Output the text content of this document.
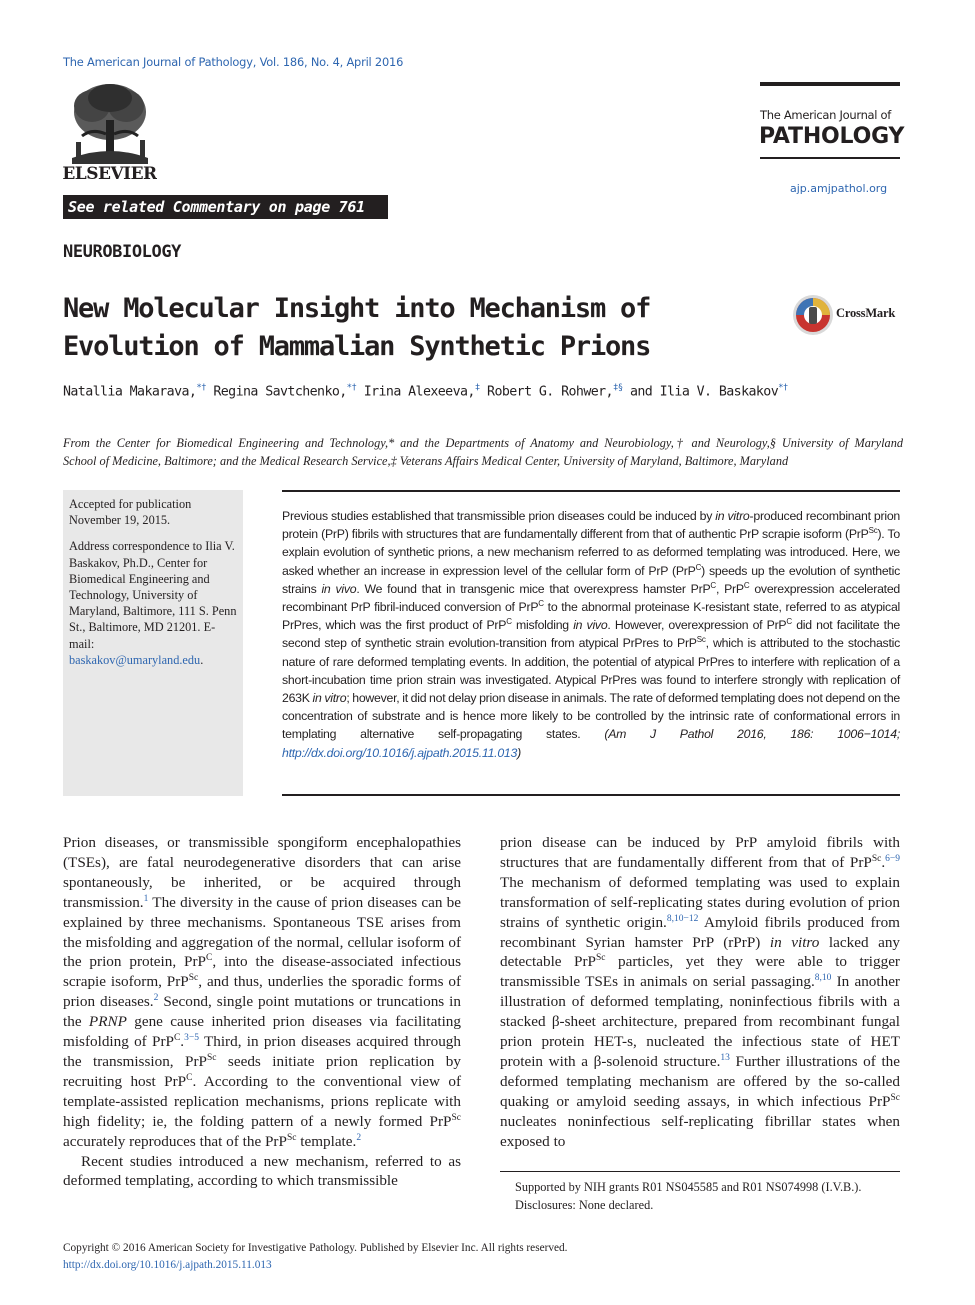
The American Journal of Pathology, Vol. 186, No. 4, April 2016
ELSEVIER
See related Commentary on page 761
The American Journal of
PATHOLOGY
ajp.amjpathol.org
NEUROBIOLOGY
New Molecular Insight into Mechanism of
Evolution of Mammalian Synthetic Prions
CrossMark
Natallia Makarava,*† Regina Savtchenko,*† Irina Alexeeva,‡ Robert G. Rohwer,‡§ and Ilia V. Baskakov*†
From the Center for Biomedical Engineering and Technology,* and the Departments of Anatomy and Neurobiology,† and Neurology,§ University of Maryland
School of Medicine, Baltimore; and the Medical Research Service,‡ Veterans Affairs Medical Center, University of Maryland, Baltimore, Maryland

Accepted for publication November 19, 2015.

Address correspondence to Ilia V. Baskakov, Ph.D., Center for Biomedical Engineering and Technology, University of Maryland, Baltimore, 111 S. Penn St., Baltimore, MD 21201. E-mail:
baskakov@umaryland.edu.

Previous studies established that transmissible prion diseases could be induced by in vitro-produced recombinant prion protein (PrP) fibrils with structures that are fundamentally different from that of authentic PrP scrapie isoform (PrP$^{Sc}$). To explain evolution of synthetic prions, a new mechanism referred to as deformed templating was introduced. Here, we asked whether an increase in expression level of the cellular form of PrP (PrP$^C$) speeds up the evolution of synthetic strains in vivo. We found that in transgenic mice that overexpress hamster PrP$^C$, PrP$^C$ overexpression accelerated recombinant PrP fibril-induced conversion of PrP$^C$ to the abnormal proteinase K-resistant state, referred to as atypical PrPres, which was the first product of PrP$^C$ misfolding in vivo. However, overexpression of PrP$^C$ did not facilitate the second step of synthetic strain evolution-transition from atypical PrPres to PrP$^{Sc}$, which is attributed to the stochastic nature of rare deformed templating events. In addition, the potential of atypical PrPres to interfere with replication of a short-incubation time prion strain was investigated. Atypical PrPres was found to interfere strongly with replication of 263K in vitro; however, it did not delay prion disease in animals. The rate of deformed templating does not depend on the concentration of substrate and is hence more likely to be controlled by the intrinsic rate of conformational errors in templating alternative self-propagating states. (Am J Pathol 2016, 186: 1006−1014; http://dx.doi.org/10.1016/j.ajpath.2015.11.013)

Prion diseases, or transmissible spongiform encephalopathies (TSEs), are fatal neurodegenerative disorders that can arise spontaneously, be inherited, or be acquired through transmission.$^1$ The diversity in the cause of prion diseases can be explained by three mechanisms. Spontaneous TSE arises from the misfolding and aggregation of the normal, cellular isoform of the prion protein, PrP$^C$, into the disease-associated infectious scrapie isoform, PrP$^{Sc}$, and thus, underlies the sporadic forms of prion diseases.$^2$ Second, single point mutations or truncations in the PRNP gene cause inherited prion diseases via facilitating misfolding of PrP$^C$.$^{3-5}$ Third, in prion diseases acquired through the transmission, PrP$^{Sc}$ seeds initiate prion replication by recruiting host PrP$^C$. According to the conventional view of template-assisted replication mechanisms, prions replicate with high fidelity; ie, the folding pattern of a newly formed PrP$^{Sc}$ accurately reproduces that of the PrP$^{Sc}$ template.$^2$

Recent studies introduced a new mechanism, referred to as deformed templating, according to which transmissible

prion disease can be induced by PrP amyloid fibrils with structures that are fundamentally different from that of PrP$^{Sc}$.$^{6-9}$ The mechanism of deformed templating was used to explain transformation of self-replicating states during evolution of prion strains of synthetic origin.$^{8,10-12}$ Amyloid fibrils produced from recombinant Syrian hamster PrP (rPrP) in vitro lacked any detectable PrP$^{Sc}$ particles, yet they were able to trigger transmissible TSEs in animals on serial passaging.$^{8,10}$ In another illustration of deformed templating, noninfectious fibrils with a stacked β-sheet architecture, prepared from recombinant fungal prion protein HET-s, nucleated the infectious state of HET protein with a β-solenoid structure.$^{13}$ Further illustrations of the deformed templating mechanism are offered by the so-called quaking or amyloid seeding assays, in which infectious PrP$^{Sc}$ nucleates noninfectious self-replicating fibrillar states when exposed to

Supported by NIH grants R01 NS045585 and R01 NS074998 (I.V.B.).
Disclosures: None declared.
Copyright © 2016 American Society for Investigative Pathology. Published by Elsevier Inc. All rights reserved.
http://dx.doi.org/10.1016/j.ajpath.2015.11.013
